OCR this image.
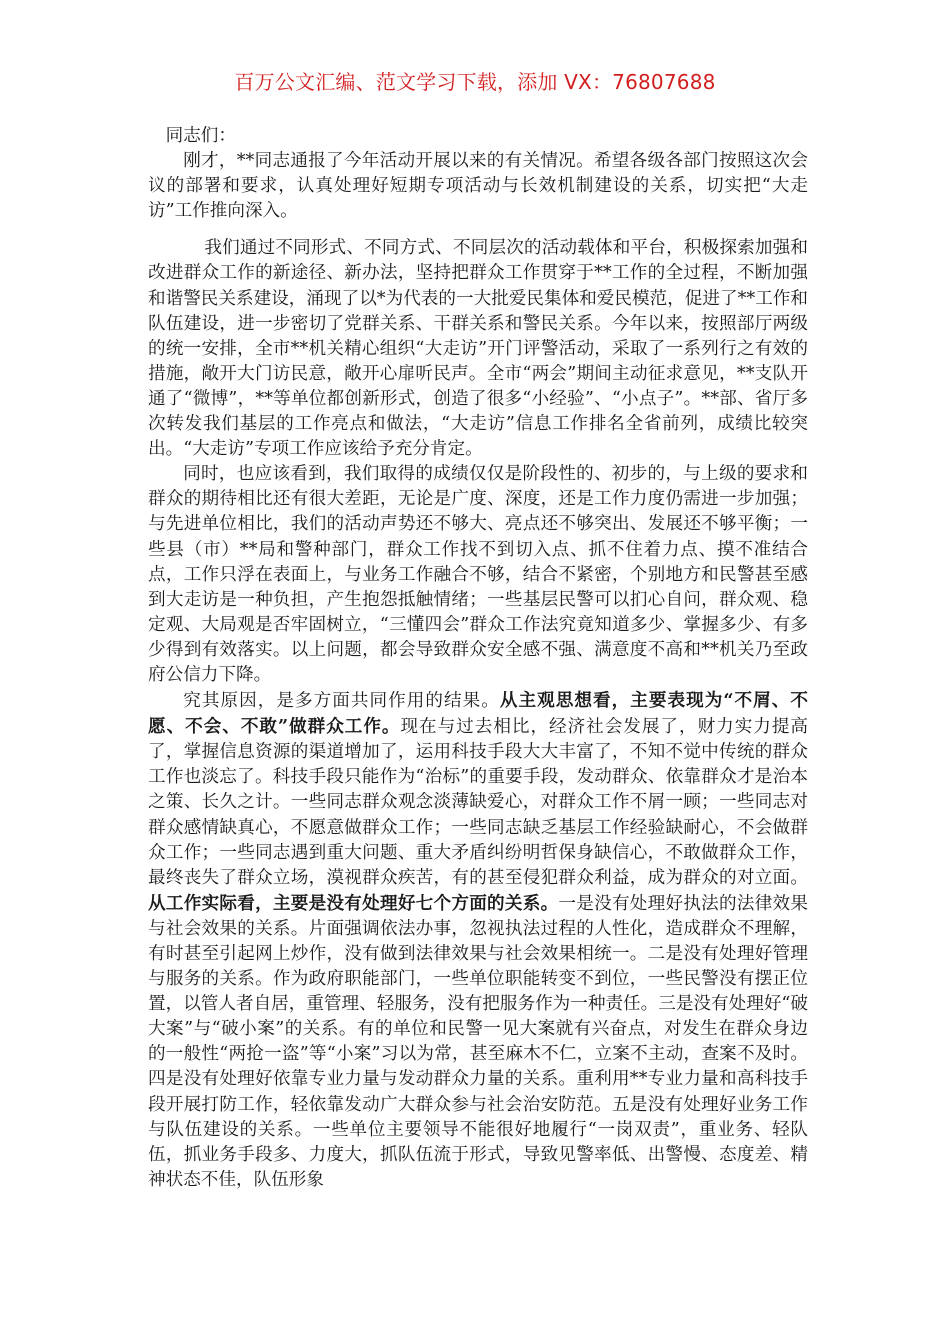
百万公文汇编、范文学习下载，添加 VX：76807688

同志们：

刚才，**同志通报了今年活动开展以来的有关情况。希望各级各部门按照这次会议的部署和要求，认真处理好短期专项活动与长效机制建设的关系，切实把“大走访”工作推向深入。

我们通过不同形式、不同方式、不同层次的活动载体和平台，积极探索加强和改进群众工作的新途径、新办法，坚持把群众工作贯穿于**工作的全过程，不断加强和谐警民关系建设，涌现了以*为代表的一大批爱民集体和爱民模范，促进了**工作和队伍建设，进一步密切了党群关系、干群关系和警民关系。今年以来，按照部厅两级的统一安排，全市**机关精心组织“大走访”开门评警活动，采取了一系列行之有效的措施，敞开大门访民意，敞开心扉听民声。全市“两会”期间主动征求意见，**支队开通了“微博”，**等单位都创新形式，创造了很多“小经验”、“小点子”。**部、省厅多次转发我们基层的工作亮点和做法，“大走访”信息工作排名全省前列，成绩比较突出。“大走访”专项工作应该给予充分肯定。

同时，也应该看到，我们取得的成绩仅仅是阶段性的、初步的，与上级的要求和群众的期待相比还有很大差距，无论是广度、深度，还是工作力度仍需进一步加强；与先进单位相比，我们的活动声势还不够大、亮点还不够突出、发展还不够平衡；一些县（市）**局和警种部门，群众工作找不到切入点、抓不住着力点、摸不准结合点，工作只浮在表面上，与业务工作融合不够，结合不紧密，个别地方和民警甚至感到大走访是一种负担，产生抱怨抵触情绪；一些基层民警可以扪心自问，群众观、稳定观、大局观是否牢固树立，“三懂四会”群众工作法究竟知道多少、掌握多少、有多少得到有效落实。以上问题，都会导致群众安全感不强、满意度不高和**机关乃至政府公信力下降。

究其原因，是多方面共同作用的结果。从主观思想看，主要表现为“不屑、不愿、不会、不敢”做群众工作。现在与过去相比，经济社会发展了，财力实力提高了，掌握信息资源的渠道增加了，运用科技手段大大丰富了，不知不觉中传统的群众工作也淡忘了。科技手段只能作为“治标”的重要手段，发动群众、依靠群众才是治本之策、长久之计。一些同志群众观念淡薄缺爱心，对群众工作不屑一顾；一些同志对群众感情缺真心，不愿意做群众工作；一些同志缺乏基层工作经验缺耐心，不会做群众工作；一些同志遇到重大问题、重大矛盾纠纷明哲保身缺信心，不敢做群众工作，最终丧失了群众立场，漠视群众疾苦，有的甚至侵犯群众利益，成为群众的对立面。从工作实际看，主要是没有处理好七个方面的关系。一是没有处理好执法的法律效果与社会效果的关系。片面强调依法办事，忽视执法过程的人性化，造成群众不理解，有时甚至引起网上炒作，没有做到法律效果与社会效果相统一。二是没有处理好管理与服务的关系。作为政府职能部门，一些单位职能转变不到位，一些民警没有摆正位置，以管人者自居，重管理、轻服务，没有把服务作为一种责任。三是没有处理好“破大案”与“破小案”的关系。有的单位和民警一见大案就有兴奋点，对发生在群众身边的一般性“两抢一盗”等“小案”习以为常，甚至麻木不仁，立案不主动，查案不及时。四是没有处理好依靠专业力量与发动群众力量的关系。重利用**专业力量和高科技手段开展打防工作，轻依靠发动广大群众参与社会治安防范。五是没有处理好业务工作与队伍建设的关系。一些单位主要领导不能很好地履行“一岗双责”，重业务、轻队伍，抓业务手段多、力度大，抓队伍流于形式，导致见警率低、出警慢、态度差、精神状态不佳，队伍形象
